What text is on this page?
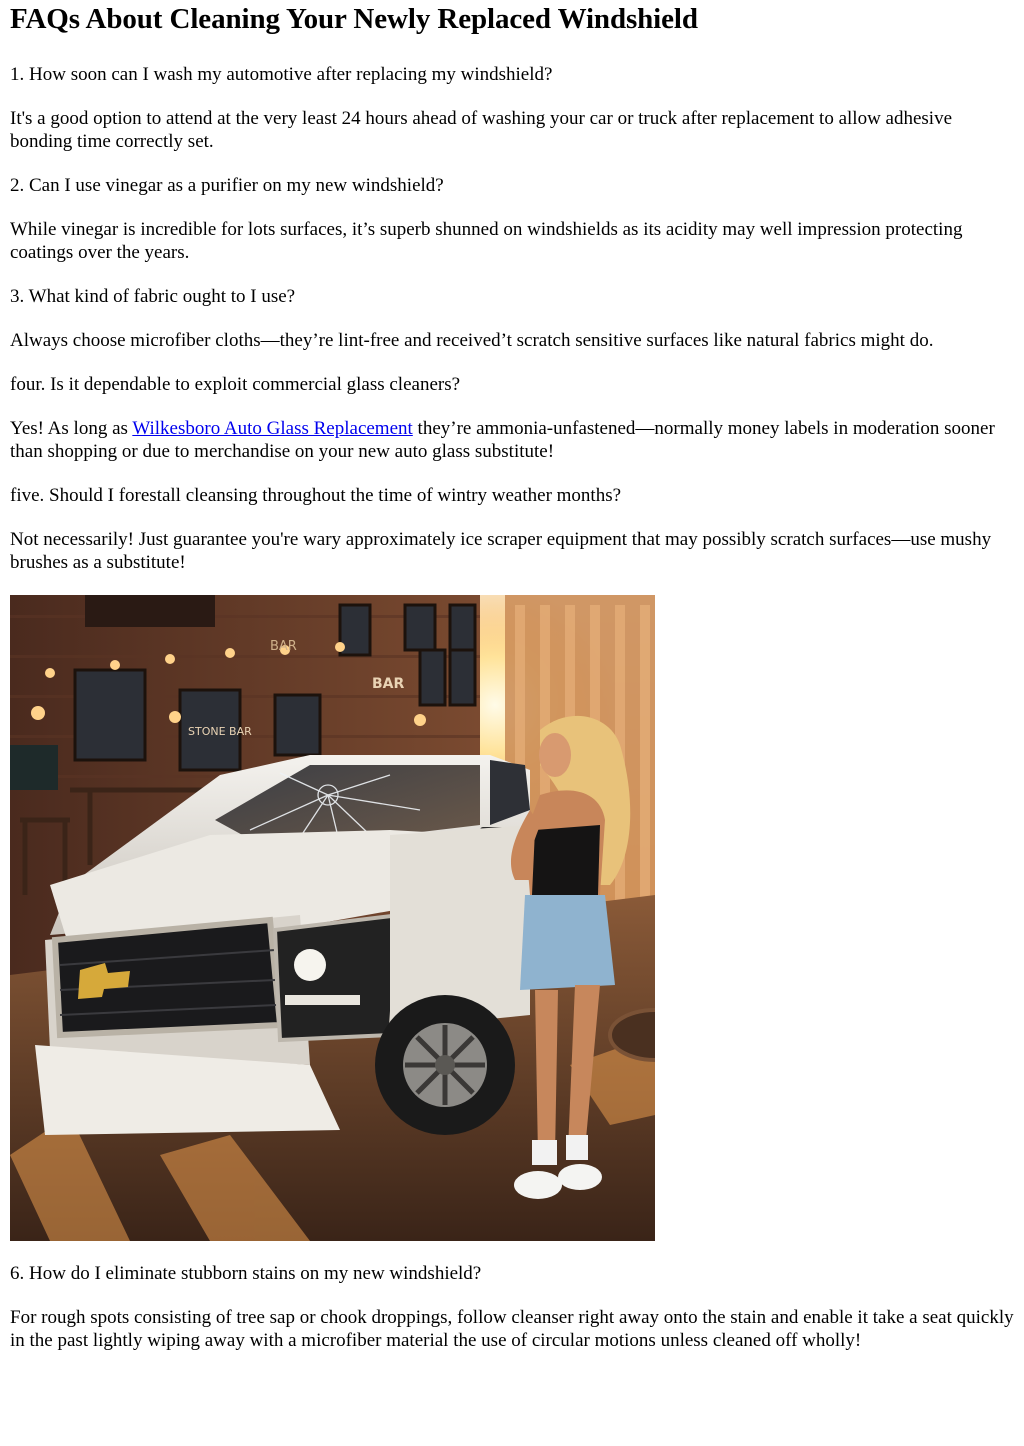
FAQs About Cleaning Your Newly Replaced Windshield

1. How soon can I wash my automotive after replacing my windshield?

It's a good option to attend at the very least 24 hours ahead of washing your car or truck after replacement to allow adhesive bonding time correctly set.

2. Can I use vinegar as a purifier on my new windshield?

While vinegar is incredible for lots surfaces, it’s superb shunned on windshields as its acidity may well impression protecting coatings over the years.

3. What kind of fabric ought to I use?

Always choose microfiber cloths—they’re lint-free and received’t scratch sensitive surfaces like natural fabrics might do.

four. Is it dependable to exploit commercial glass cleaners?

Yes! As long as Wilkesboro Auto Glass Replacement they’re ammonia-unfastened—normally money labels in moderation sooner than shopping or due to merchandise on your new auto glass substitute!

five. Should I forestall cleansing throughout the time of wintry weather months?

Not necessarily! Just guarantee you're wary approximately ice scraper equipment that may possibly scratch surfaces—use mushy brushes as a substitute!

BAR
STONE BAR
BAR

6. How do I eliminate stubborn stains on my new windshield?

For rough spots consisting of tree sap or chook droppings, follow cleanser right away onto the stain and enable it take a seat quickly in the past lightly wiping away with a microfiber material the use of circular motions unless cleaned off wholly!
